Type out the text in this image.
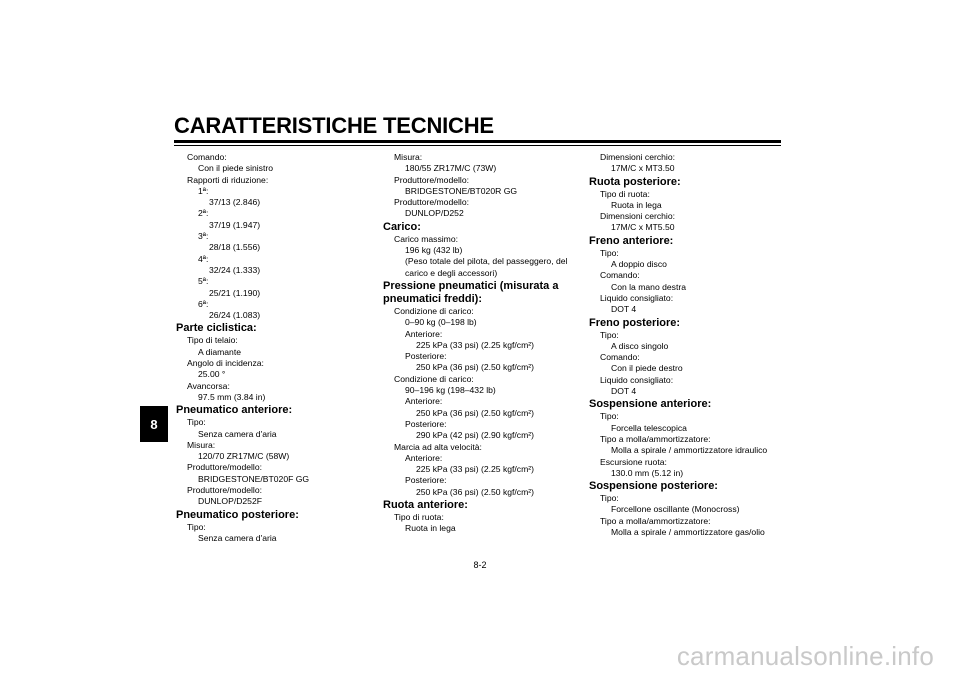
CARATTERISTICHE TECNICHE
8
Comando:
Con il piede sinistro
Rapporti di riduzione:
1ª:
37/13 (2.846)
2ª:
37/19 (1.947)
3ª:
28/18 (1.556)
4ª:
32/24 (1.333)
5ª:
25/21 (1.190)
6ª:
26/24 (1.083)
Parte ciclistica:
Tipo di telaio:
A diamante
Angolo di incidenza:
25.00 °
Avancorsa:
97.5 mm (3.84 in)
Pneumatico anteriore:
Tipo:
Senza camera d'aria
Misura:
120/70 ZR17M/C (58W)
Produttore/modello:
BRIDGESTONE/BT020F GG
Produttore/modello:
DUNLOP/D252F
Pneumatico posteriore:
Tipo:
Senza camera d'aria
Misura:
180/55 ZR17M/C (73W)
Produttore/modello:
BRIDGESTONE/BT020R GG
Produttore/modello:
DUNLOP/D252
Carico:
Carico massimo:
196 kg (432 lb)
(Peso totale del pilota, del passeggero, del carico e degli accessori)
Pressione pneumatici (misurata a pneumatici freddi):
Condizione di carico:
0–90 kg (0–198 lb)
Anteriore:
225 kPa (33 psi) (2.25 kgf/cm²)
Posteriore:
250 kPa (36 psi) (2.50 kgf/cm²)
Condizione di carico:
90–196 kg (198–432 lb)
Anteriore:
250 kPa (36 psi) (2.50 kgf/cm²)
Posteriore:
290 kPa (42 psi) (2.90 kgf/cm²)
Marcia ad alta velocità:
Anteriore:
225 kPa (33 psi) (2.25 kgf/cm²)
Posteriore:
250 kPa (36 psi) (2.50 kgf/cm²)
Ruota anteriore:
Tipo di ruota:
Ruota in lega
Dimensioni cerchio:
17M/C x MT3.50
Ruota posteriore:
Tipo di ruota:
Ruota in lega
Dimensioni cerchio:
17M/C x MT5.50
Freno anteriore:
Tipo:
A doppio disco
Comando:
Con la mano destra
Liquido consigliato:
DOT 4
Freno posteriore:
Tipo:
A disco singolo
Comando:
Con il piede destro
Liquido consigliato:
DOT 4
Sospensione anteriore:
Tipo:
Forcella telescopica
Tipo a molla/ammortizzatore:
Molla a spirale / ammortizzatore idraulico
Escursione ruota:
130.0 mm (5.12 in)
Sospensione posteriore:
Tipo:
Forcellone oscillante (Monocross)
Tipo a molla/ammortizzatore:
Molla a spirale / ammortizzatore gas/olio
8-2
carmanualsonline.info
